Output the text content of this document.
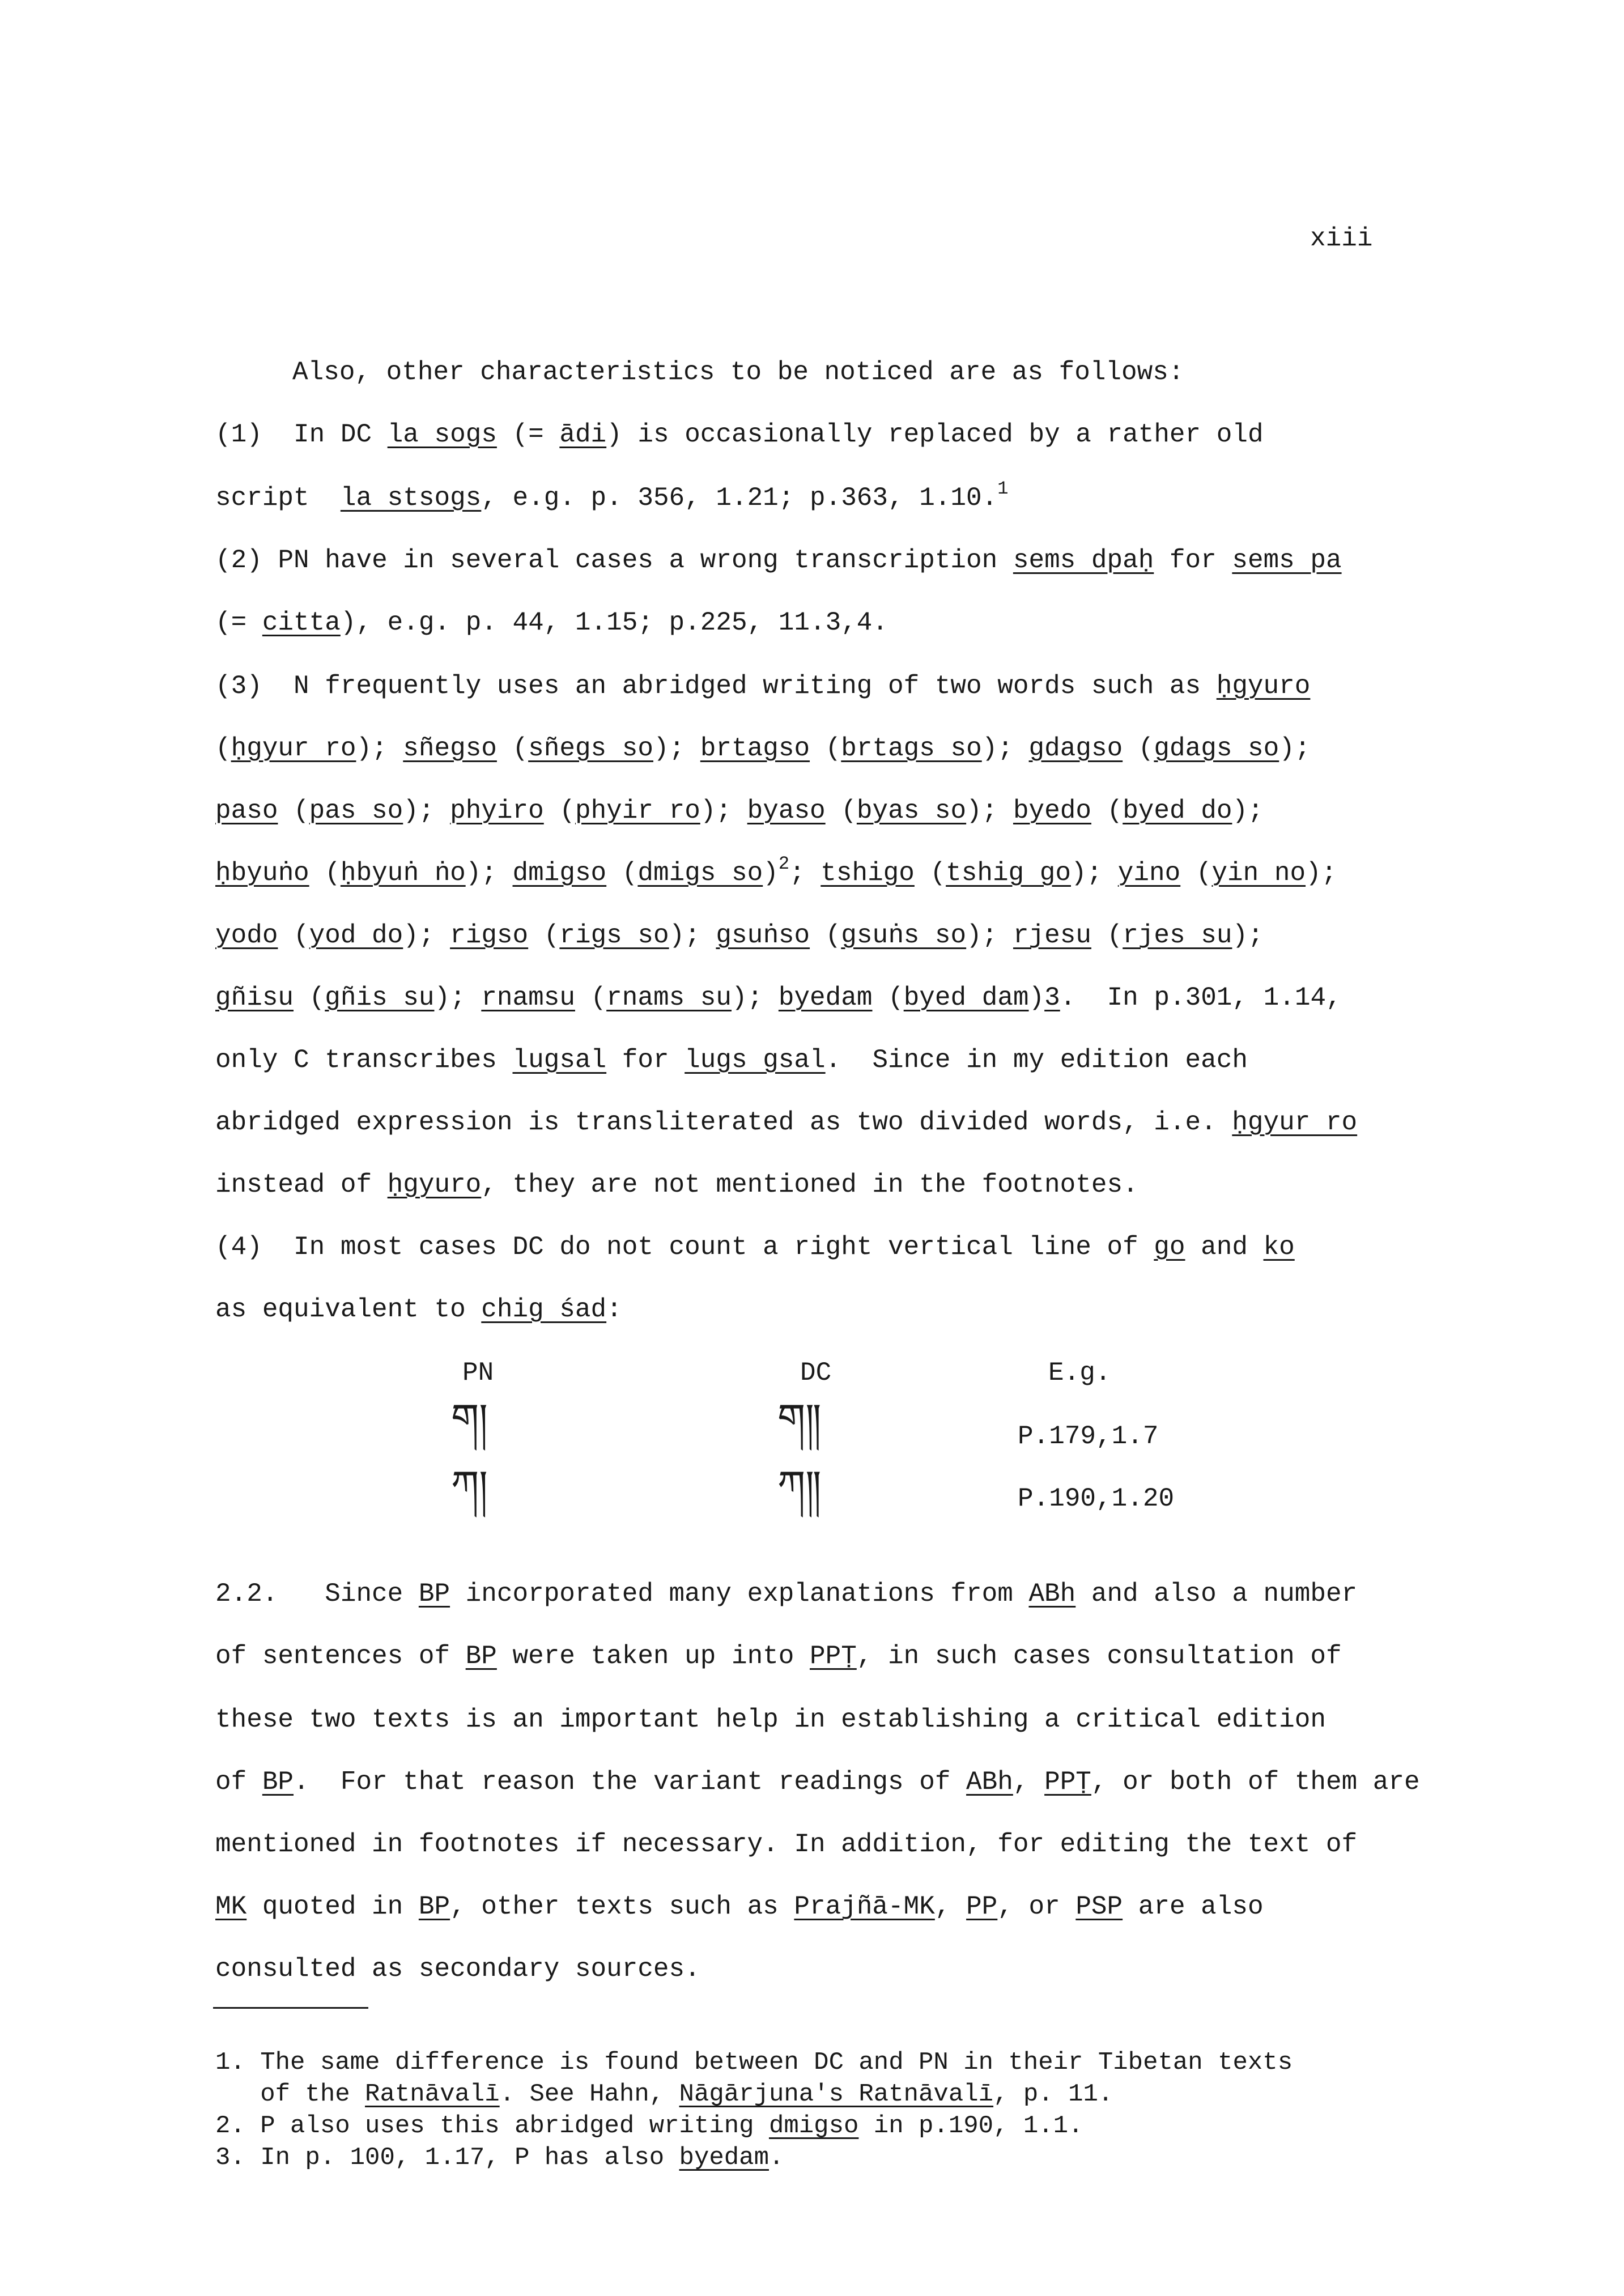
xiii
Also, other characteristics to be noticed are as follows:
(1) In DC la sogs (= ādi) is occasionally replaced by a rather old
script  la stsogs, e.g. p. 356, 1.21; p.363, 1.10.$^1$
(2) PN have in several cases a wrong transcription sems dpaḥ for sems pa
(= citta), e.g. p. 44, 1.15; p.225, 11.3,4.
(3) N frequently uses an abridged writing of two words such as ḥgyuro
(ḥgyur ro); sñegso (sñegs so); brtagso (brtags so); gdagso (gdags so);
paso (pas so); phyiro (phyir ro); byaso (byas so); byedo (byed do);
ḥbyuṅo (ḥbyuṅ ṅo); dmigso (dmigs so)$^2$; tshigo (tshig go); yino (yin no);
yodo (yod do); rigso (rigs so); gsuṅso (gsuṅs so); rjesu (rjes su);
gñisu (gñis su); rnamsu (rnams su); byedam (byed dam)3.  In p.301, 1.14,
only C transcribes lugsal for lugs gsal.  Since in my edition each
abridged expression is transliterated as two divided words, i.e. ḥgyur ro
instead of ḥgyuro, they are not mentioned in the footnotes.
(4) In most cases DC do not count a right vertical line of go and ko
as equivalent to chig śad:
PN	DC	E.g.
ག།	ག༎	P.179,1.7
ཀ།	ཀ༎	P.190,1.20
2.2.   Since BP incorporated many explanations from ABh and also a number
of sentences of BP were taken up into PPṬ, in such cases consultation of
these two texts is an important help in establishing a critical edition
of BP.  For that reason the variant readings of ABh, PPṬ, or both of them are
mentioned in footnotes if necessary. In addition, for editing the text of
MK quoted in BP, other texts such as Prajñā-MK, PP, or PSP are also
consulted as secondary sources.
1. The same difference is found between DC and PN in their Tibetan texts
of the Ratnāvalī. See Hahn, Nāgārjuna's Ratnāvalī, p. 11.
2. P also uses this abridged writing dmigso in p.190, 1.1.
3. In p. 100, 1.17, P has also byedam.
